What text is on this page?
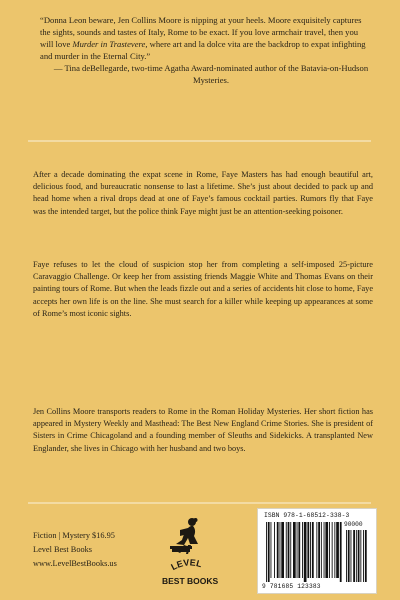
“Donna Leon beware, Jen Collins Moore is nipping at your heels. Moore exquisitely captures the sights, sounds and tastes of Italy, Rome to be exact. If you love armchair travel, then you will love Murder in Trastevere, where art and la dolce vita are the backdrop to expat infighting and murder in the Eternal City.”
— Tina deBellegarde, two-time Agatha Award-nominated author of the Batavia-on-Hudson Mysteries.

After a decade dominating the expat scene in Rome, Faye Masters has had enough beautiful art, delicious food, and bureaucratic nonsense to last a lifetime. She’s just about decided to pack up and head home when a rival drops dead at one of Faye’s famous cocktail parties. Rumors fly that Faye was the intended target, but the police think Faye might just be an attention-seeking poisoner.

Faye refuses to let the cloud of suspicion stop her from completing a self-imposed 25-picture Caravaggio Challenge. Or keep her from assisting friends Maggie White and Thomas Evans on their painting tours of Rome. But when the leads fizzle out and a series of accidents hit close to home, Faye accepts her own life is on the line. She must search for a killer while keeping up appearances at some of Rome’s most iconic sights.

Jen Collins Moore transports readers to Rome in the Roman Holiday Mysteries. Her short fiction has appeared in Mystery Weekly and Masthead: The Best New England Crime Stories. She is president of Sisters in Crime Chicagoland and a founding member of Sleuths and Sidekicks. A transplanted New Englander, she lives in Chicago with her husband and two boys.

Fiction | Mystery $16.95
Level Best Books
www.LevelBestBooks.us	LEVEL
BEST BOOKS
ISBN 978-1-68512-338-3
90000
9 781685 123383
